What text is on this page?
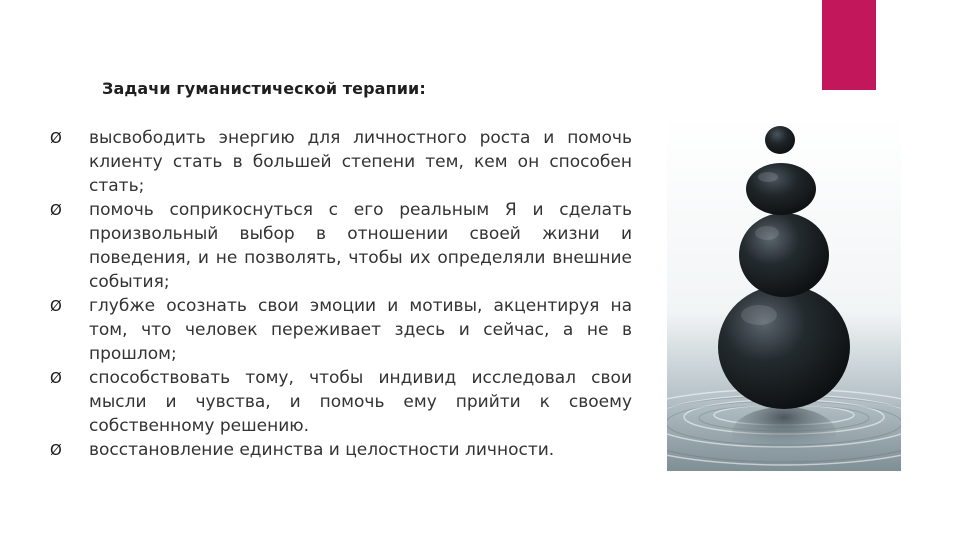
Задачи гуманистической терапии:
Ø	высвободить энергию для личностного роста и помочь клиенту стать в большей степени тем, кем он способен стать;
Ø	помочь соприкоснуться с его реальным Я и сделать произвольный выбор в отношении своей жизни и поведения, и не позволять, чтобы их определяли внешние события;
Ø	глубже осознать свои эмоции и мотивы, акцентируя на том, что человек переживает здесь и сейчас, а не в прошлом;
Ø	способствовать тому, чтобы индивид исследовал свои мысли и чувства, и помочь ему прийти к своему собственному решению.
Ø	восстановление единства и целостности личности.
